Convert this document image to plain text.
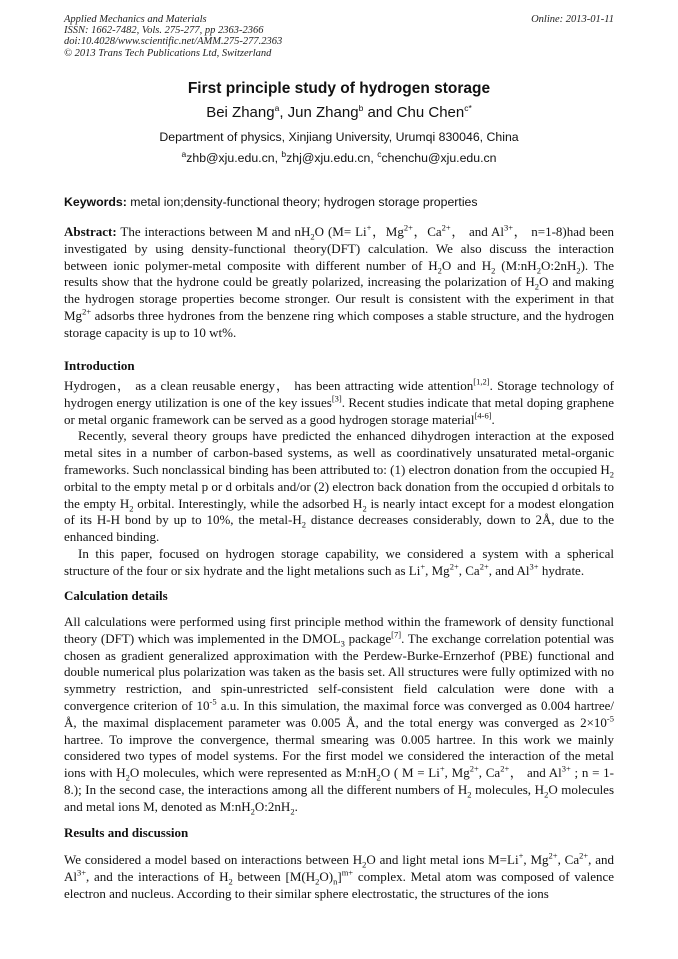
Applied Mechanics and Materials
ISSN: 1662-7482, Vols. 275-277, pp 2363-2366
doi:10.4028/www.scientific.net/AMM.275-277.2363
© 2013 Trans Tech Publications Ltd, Switzerland
Online: 2013-01-11
First principle study of hydrogen storage
Bei Zhang$^a$, Jun Zhang$^b$ and Chu Chen$^{c*}$
Department of physics, Xinjiang University, Urumqi 830046, China
$^a$zhb@xju.edu.cn, $^b$zhj@xju.edu.cn, $^c$chenchu@xju.edu.cn
Keywords: metal ion;density-functional theory; hydrogen storage properties

Abstract: The interactions between M and $nH_2O$ (M= Li+，$Mg^{2+}$，$Ca^{2+}$， and $Al^{3+}$， n=1-8)had been investigated by using density-functional theory(DFT) calculation. We also discuss the interaction between ionic polymer-metal composite with different number of $H_2O$ and $H_2$ $(M:nH_2O:2nH_2)$. The results show that the hydrone could be greatly polarized, increasing the polarization of $H_2O$ and making the hydrogen storage properties become stronger. Our result is consistent with the experiment in that $Mg^{2+}$ adsorbs three hydrones from the benzene ring which composes a stable structure, and the hydrogen storage capacity is up to 10 wt%.

Introduction

Hydrogen， as a clean reusable energy， has been attracting wide attention[1,2]. Storage technology of hydrogen energy utilization is one of the key issues[3]. Recent studies indicate that metal doping graphene or metal organic framework can be served as a good hydrogen storage material[4-6].

Recently, several theory groups have predicted the enhanced dihydrogen interaction at the exposed metal sites in a number of carbon-based systems, as well as coordinatively unsaturated metal-organic frameworks. Such nonclassical binding has been attributed to: (1) electron donation from the occupied $H_2$ orbital to the empty metal p or d orbitals and/or (2) electron back donation from the occupied d orbitals to the empty $H_2$ orbital. Interestingly, while the adsorbed $H_2$ is nearly intact except for a modest elongation of its H-H bond by up to 10%, the metal-$H_2$ distance decreases considerably, down to 2Å, due to the enhanced binding.

In this paper, focused on hydrogen storage capability, we considered a system with a spherical structure of the four or six hydrate and the light metalions such as Li+, $Mg^{2+}$, $Ca^{2+}$, and $Al^{3+}$ hydrate.

Calculation details

All calculations were performed using first principle method within the framework of density functional theory (DFT) which was implemented in the $DMOL_3$ package[7]. The exchange correlation potential was chosen as gradient generalized approximation with the Perdew-Burke-Ernzerhof (PBE) functional and double numerical plus polarization was taken as the basis set. All structures were fully optimized with no symmetry restriction, and spin-unrestricted self-consistent field calculation were done with a convergence criterion of $10^{-5}$ a.u. In this simulation, the maximal force was converged as 0.004 hartree/Å, the maximal displacement parameter was 0.005 Å, and the total energy was converged as $2\times 10^{-5}$ hartree. To improve the convergence, thermal smearing was 0.005 hartree. In this work we mainly considered two types of model systems. For the first model we considered the interaction of the metal ions with $H_2O$ molecules, which were represented as $M:nH_2O$ ( M = Li+, $Mg^{2+}$, $Ca^{2+}$， and $Al^{3+}$ ; n = 1-8.); In the second case, the interactions among all the different numbers of $H_2$ molecules, $H_2O$ molecules and metal ions M, denoted as $M:nH_2O:2nH_2$.

Results and discussion

We considered a model based on interactions between $H_2O$ and light metal ions M=Li+, $Mg^{2+}$, $Ca^{2+}$, and $Al^{3+}$, and the interactions of $H_2$ between $[M(H_2O)_n]^{m+}$ complex. Metal atom was composed of valence electron and nucleus. According to their similar sphere electrostatic, the structures of the ions
